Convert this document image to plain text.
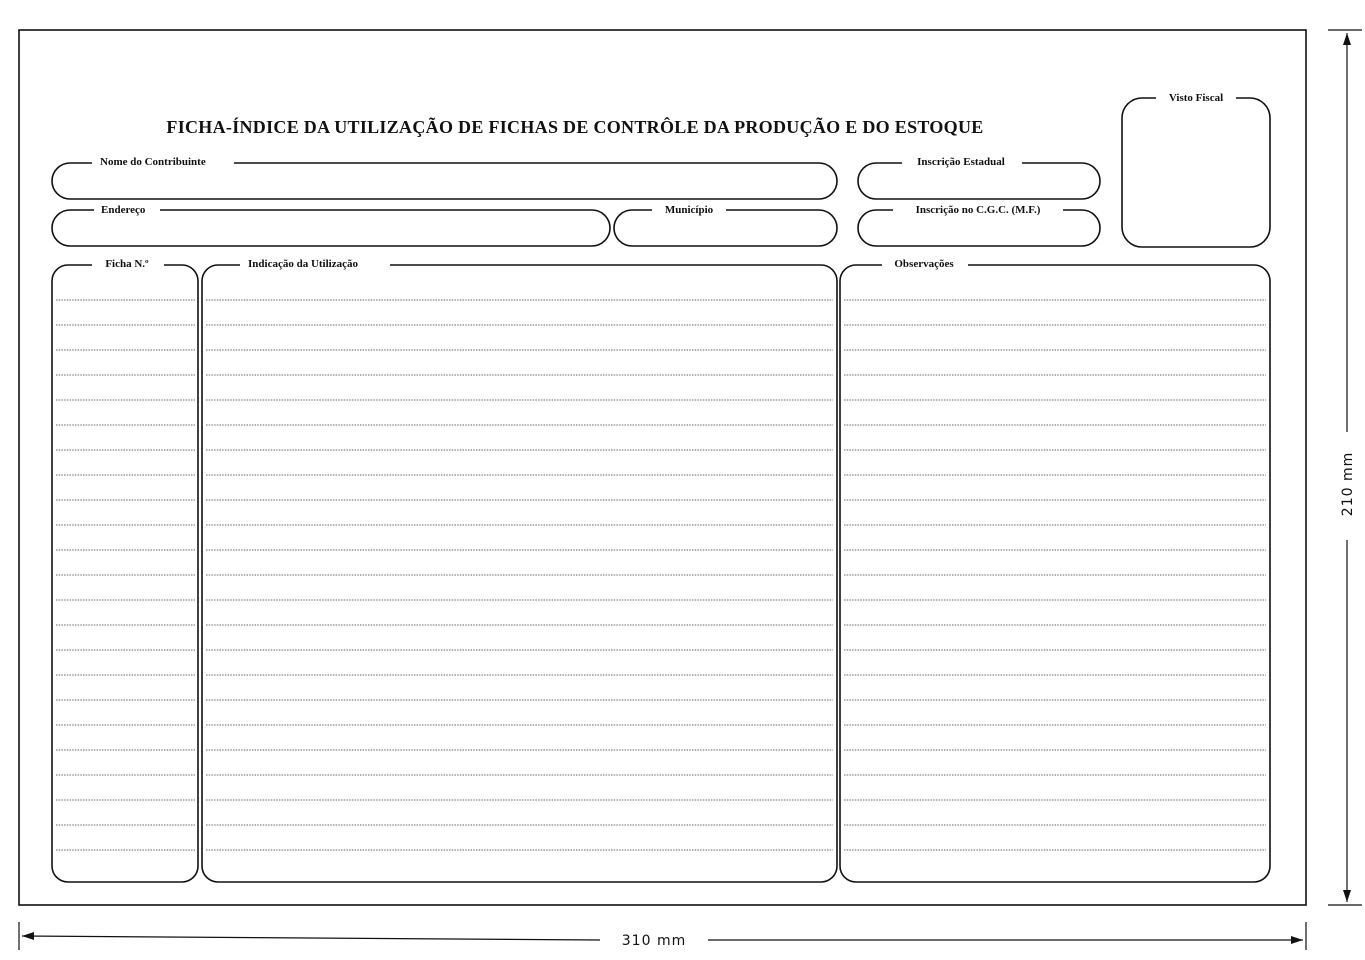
FICHA-ÍNDICE DA UTILIZAÇÃO DE FICHAS DE CONTRÔLE DA PRODUÇÃO E DO ESTOQUE
Nome do Contribuinte	Inscrição Estadual
Endereço	Município	Inscrição no C.G.C. (M.F.)
Visto Fiscal
Ficha N.º	Indicação da Utilização	Observações
310 mm
210 mm
